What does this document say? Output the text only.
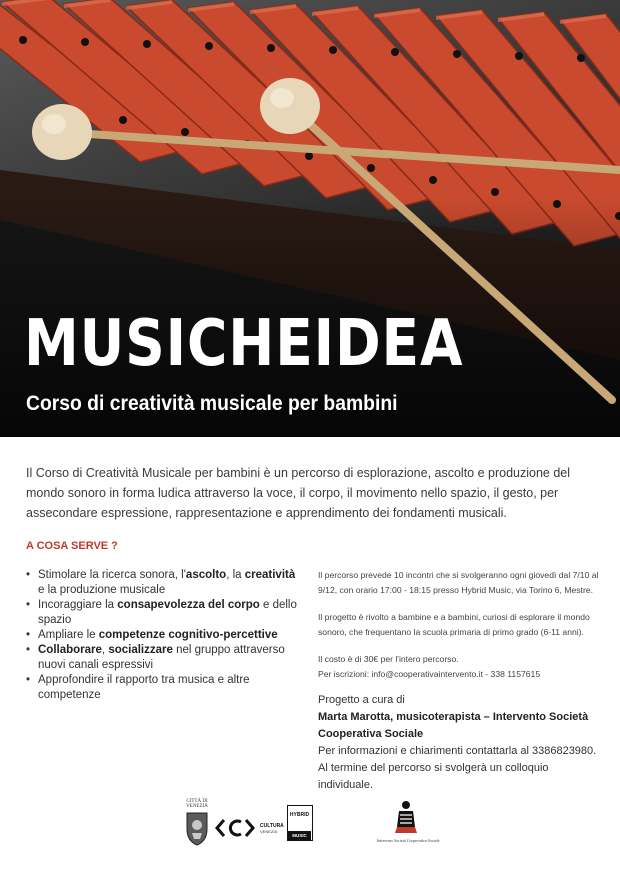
MUSICHEIDEA
Corso di creatività musicale per bambini

Il Corso di Creatività Musicale per bambini è un percorso di esplorazione, ascolto e produzione del mondo sonoro in forma ludica attraverso la voce, il corpo, il movimento nello spazio, il gesto, per assecondare espressione, rappresentazione e apprendimento dei fondamenti musicali.

A COSA SERVE ?
• Stimolare la ricerca sonora, l'ascolto, la creatività e la produzione musicale
• Incoraggiare la consapevolezza del corpo e dello spazio
• Ampliare le competenze cognitivo-percettive
• Collaborare, socializzare nel gruppo attraverso nuovi canali espressivi
• Approfondire il rapporto tra musica e altre competenze

Il percorso prevede 10 incontri che si svolgeranno ogni giovedì dal 7/10 al 9/12, con orario 17:00 - 18:15 presso Hybrid Music, via Torino 6, Mestre.

Il progetto è rivolto a bambine e a bambini, curiosi di esplorare il mondo sonoro, che frequentano la scuola primaria di primo grado (6-11 anni).

Il costo è di 30€ per l'intero percorso.
Per iscrizioni: info@cooperativaintervento.it - 338 1157615

Progetto a cura di
Marta Marotta, musicoterapista – Intervento Società Cooperativa Sociale
Per informazioni e chiarimenti contattarla al 3386823980.
Al termine del percorso si svolgerà un colloquio individuale.
CITTÀ DI VENEZIA
CULTURA
VENEZIA
HYBRID
MUSIC
Intervento Società Cooperativa Sociale
